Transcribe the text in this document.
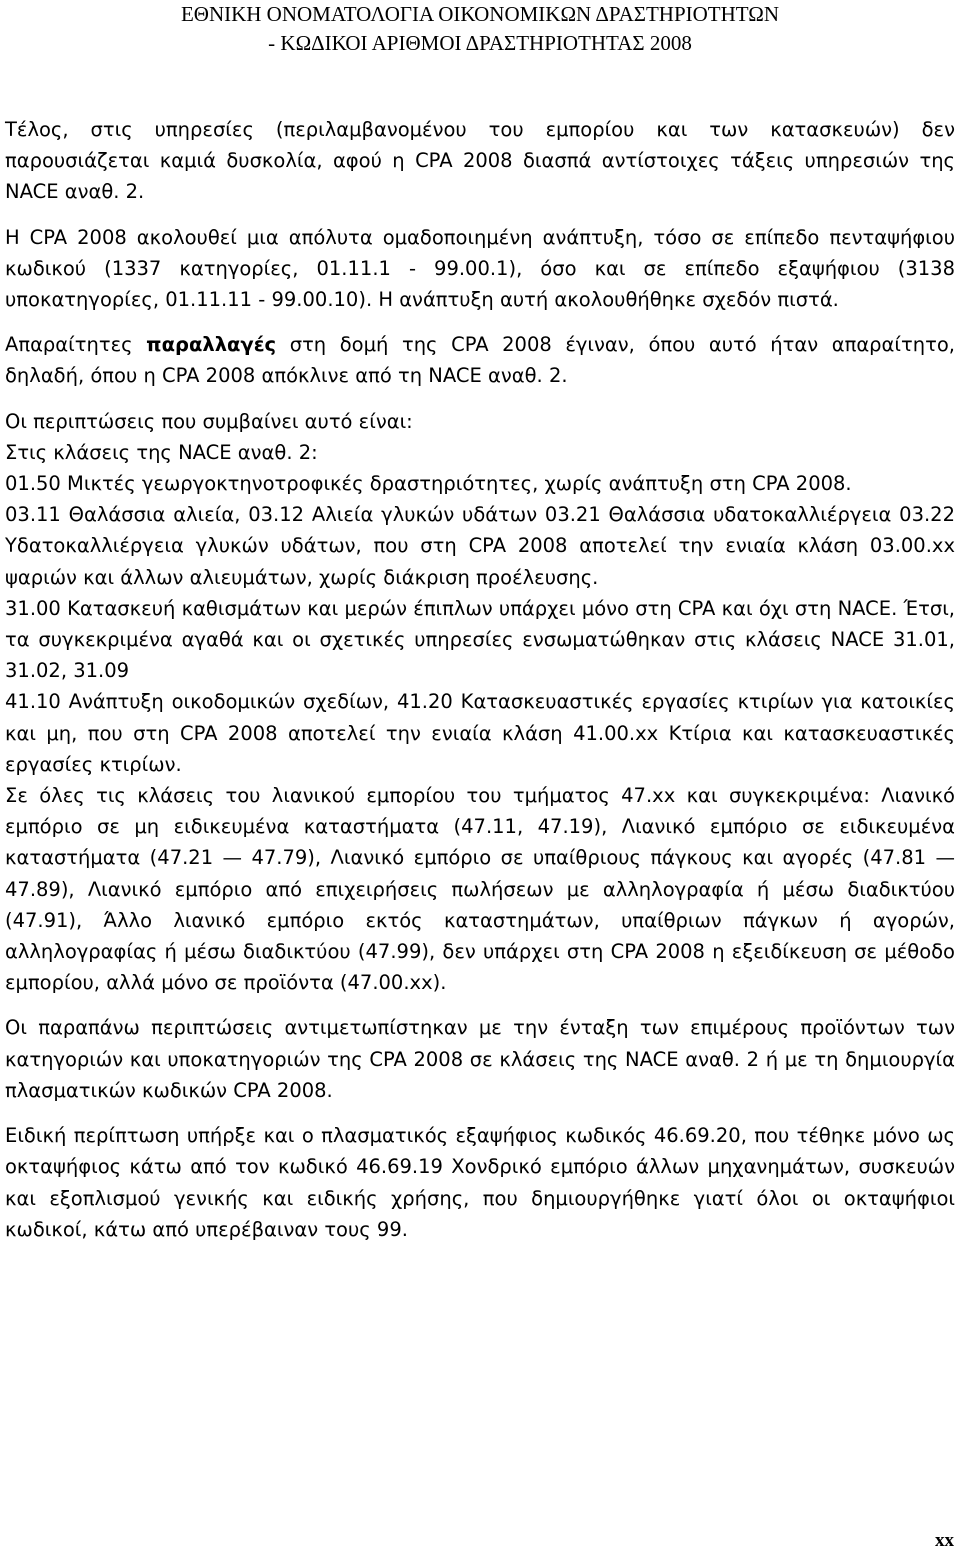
ΕΘΝΙΚΗ ΟΝΟΜΑΤΟΛΟΓΙΑ ΟΙΚΟΝΟΜΙΚΩΝ ΔΡΑΣΤΗΡΙΟΤΗΤΩΝ
- ΚΩΔΙΚΟΙ ΑΡΙΘΜΟΙ ΔΡΑΣΤΗΡΙΟΤΗΤΑΣ 2008

Τέλος, στις υπηρεσίες (περιλαμβανομένου του εμπορίου και των κατασκευών) δεν παρουσιάζεται καμιά δυσκολία, αφού η CPA 2008 διασπά αντίστοιχες τάξεις υπηρεσιών της NACE αναθ. 2.

Η CPA 2008 ακολουθεί μια απόλυτα ομαδοποιημένη ανάπτυξη, τόσο σε επίπεδο πενταψήφιου κωδικού (1337 κατηγορίες, 01.11.1 - 99.00.1), όσο και σε επίπεδο εξαψήφιου (3138 υποκατηγορίες, 01.11.11 - 99.00.10). Η ανάπτυξη αυτή ακολουθήθηκε σχεδόν πιστά.

Απαραίτητες παραλλαγές στη δομή της CPA 2008 έγιναν, όπου αυτό ήταν απαραίτητο, δηλαδή, όπου η CPA 2008 απόκλινε από τη NACE αναθ. 2.

Οι περιπτώσεις που συμβαίνει αυτό είναι:

Στις κλάσεις της NACE αναθ. 2:

01.50 Μικτές γεωργοκτηνοτροφικές δραστηριότητες, χωρίς ανάπτυξη στη CPA 2008.

03.11 Θαλάσσια αλιεία, 03.12 Αλιεία γλυκών υδάτων 03.21 Θαλάσσια υδατοκαλλιέργεια 03.22 Υδατοκαλλιέργεια γλυκών υδάτων, που στη CPA 2008 αποτελεί την ενιαία κλάση 03.00.xx ψαριών και άλλων αλιευμάτων, χωρίς διάκριση προέλευσης.

31.00 Κατασκευή καθισμάτων και μερών έπιπλων υπάρχει μόνο στη CPA και όχι στη NACE. Έτσι, τα συγκεκριμένα αγαθά και οι σχετικές υπηρεσίες ενσωματώθηκαν στις κλάσεις NACE 31.01, 31.02, 31.09

41.10 Ανάπτυξη οικοδομικών σχεδίων, 41.20 Κατασκευαστικές εργασίες κτιρίων για κατοικίες και μη, που στη CPA 2008 αποτελεί την ενιαία κλάση 41.00.xx Κτίρια και κατασκευαστικές εργασίες κτιρίων.

Σε όλες τις κλάσεις του λιανικού εμπορίου του τμήματος 47.xx και συγκεκριμένα: Λιανικό εμπόριο σε μη ειδικευμένα καταστήματα (47.11, 47.19), Λιανικό εμπόριο σε ειδικευμένα καταστήματα (47.21 — 47.79), Λιανικό εμπόριο σε υπαίθριους πάγκους και αγορές (47.81 — 47.89), Λιανικό εμπόριο από επιχειρήσεις πωλήσεων με αλληλογραφία ή μέσω διαδικτύου (47.91), Άλλο λιανικό εμπόριο εκτός καταστημάτων, υπαίθριων πάγκων ή αγορών, αλληλογραφίας ή μέσω διαδικτύου (47.99), δεν υπάρχει στη CPA 2008 η εξειδίκευση σε μέθοδο εμπορίου, αλλά μόνο σε προϊόντα (47.00.xx).

Οι παραπάνω περιπτώσεις αντιμετωπίστηκαν με την ένταξη των επιμέρους προϊόντων των κατηγοριών και υποκατηγοριών της CPA 2008 σε κλάσεις της NACE αναθ. 2 ή με τη δημιουργία πλασματικών κωδικών CPA 2008.

Ειδική περίπτωση υπήρξε και ο πλασματικός εξαψήφιος κωδικός 46.69.20, που τέθηκε μόνο ως οκταψήφιος κάτω από τον κωδικό 46.69.19 Χονδρικό εμπόριο άλλων μηχανημάτων, συσκευών και εξοπλισμού γενικής και ειδικής χρήσης, που δημιουργήθηκε γιατί όλοι οι οκταψήφιοι κωδικοί, κάτω από υπερέβαιναν τους 99.

xx
